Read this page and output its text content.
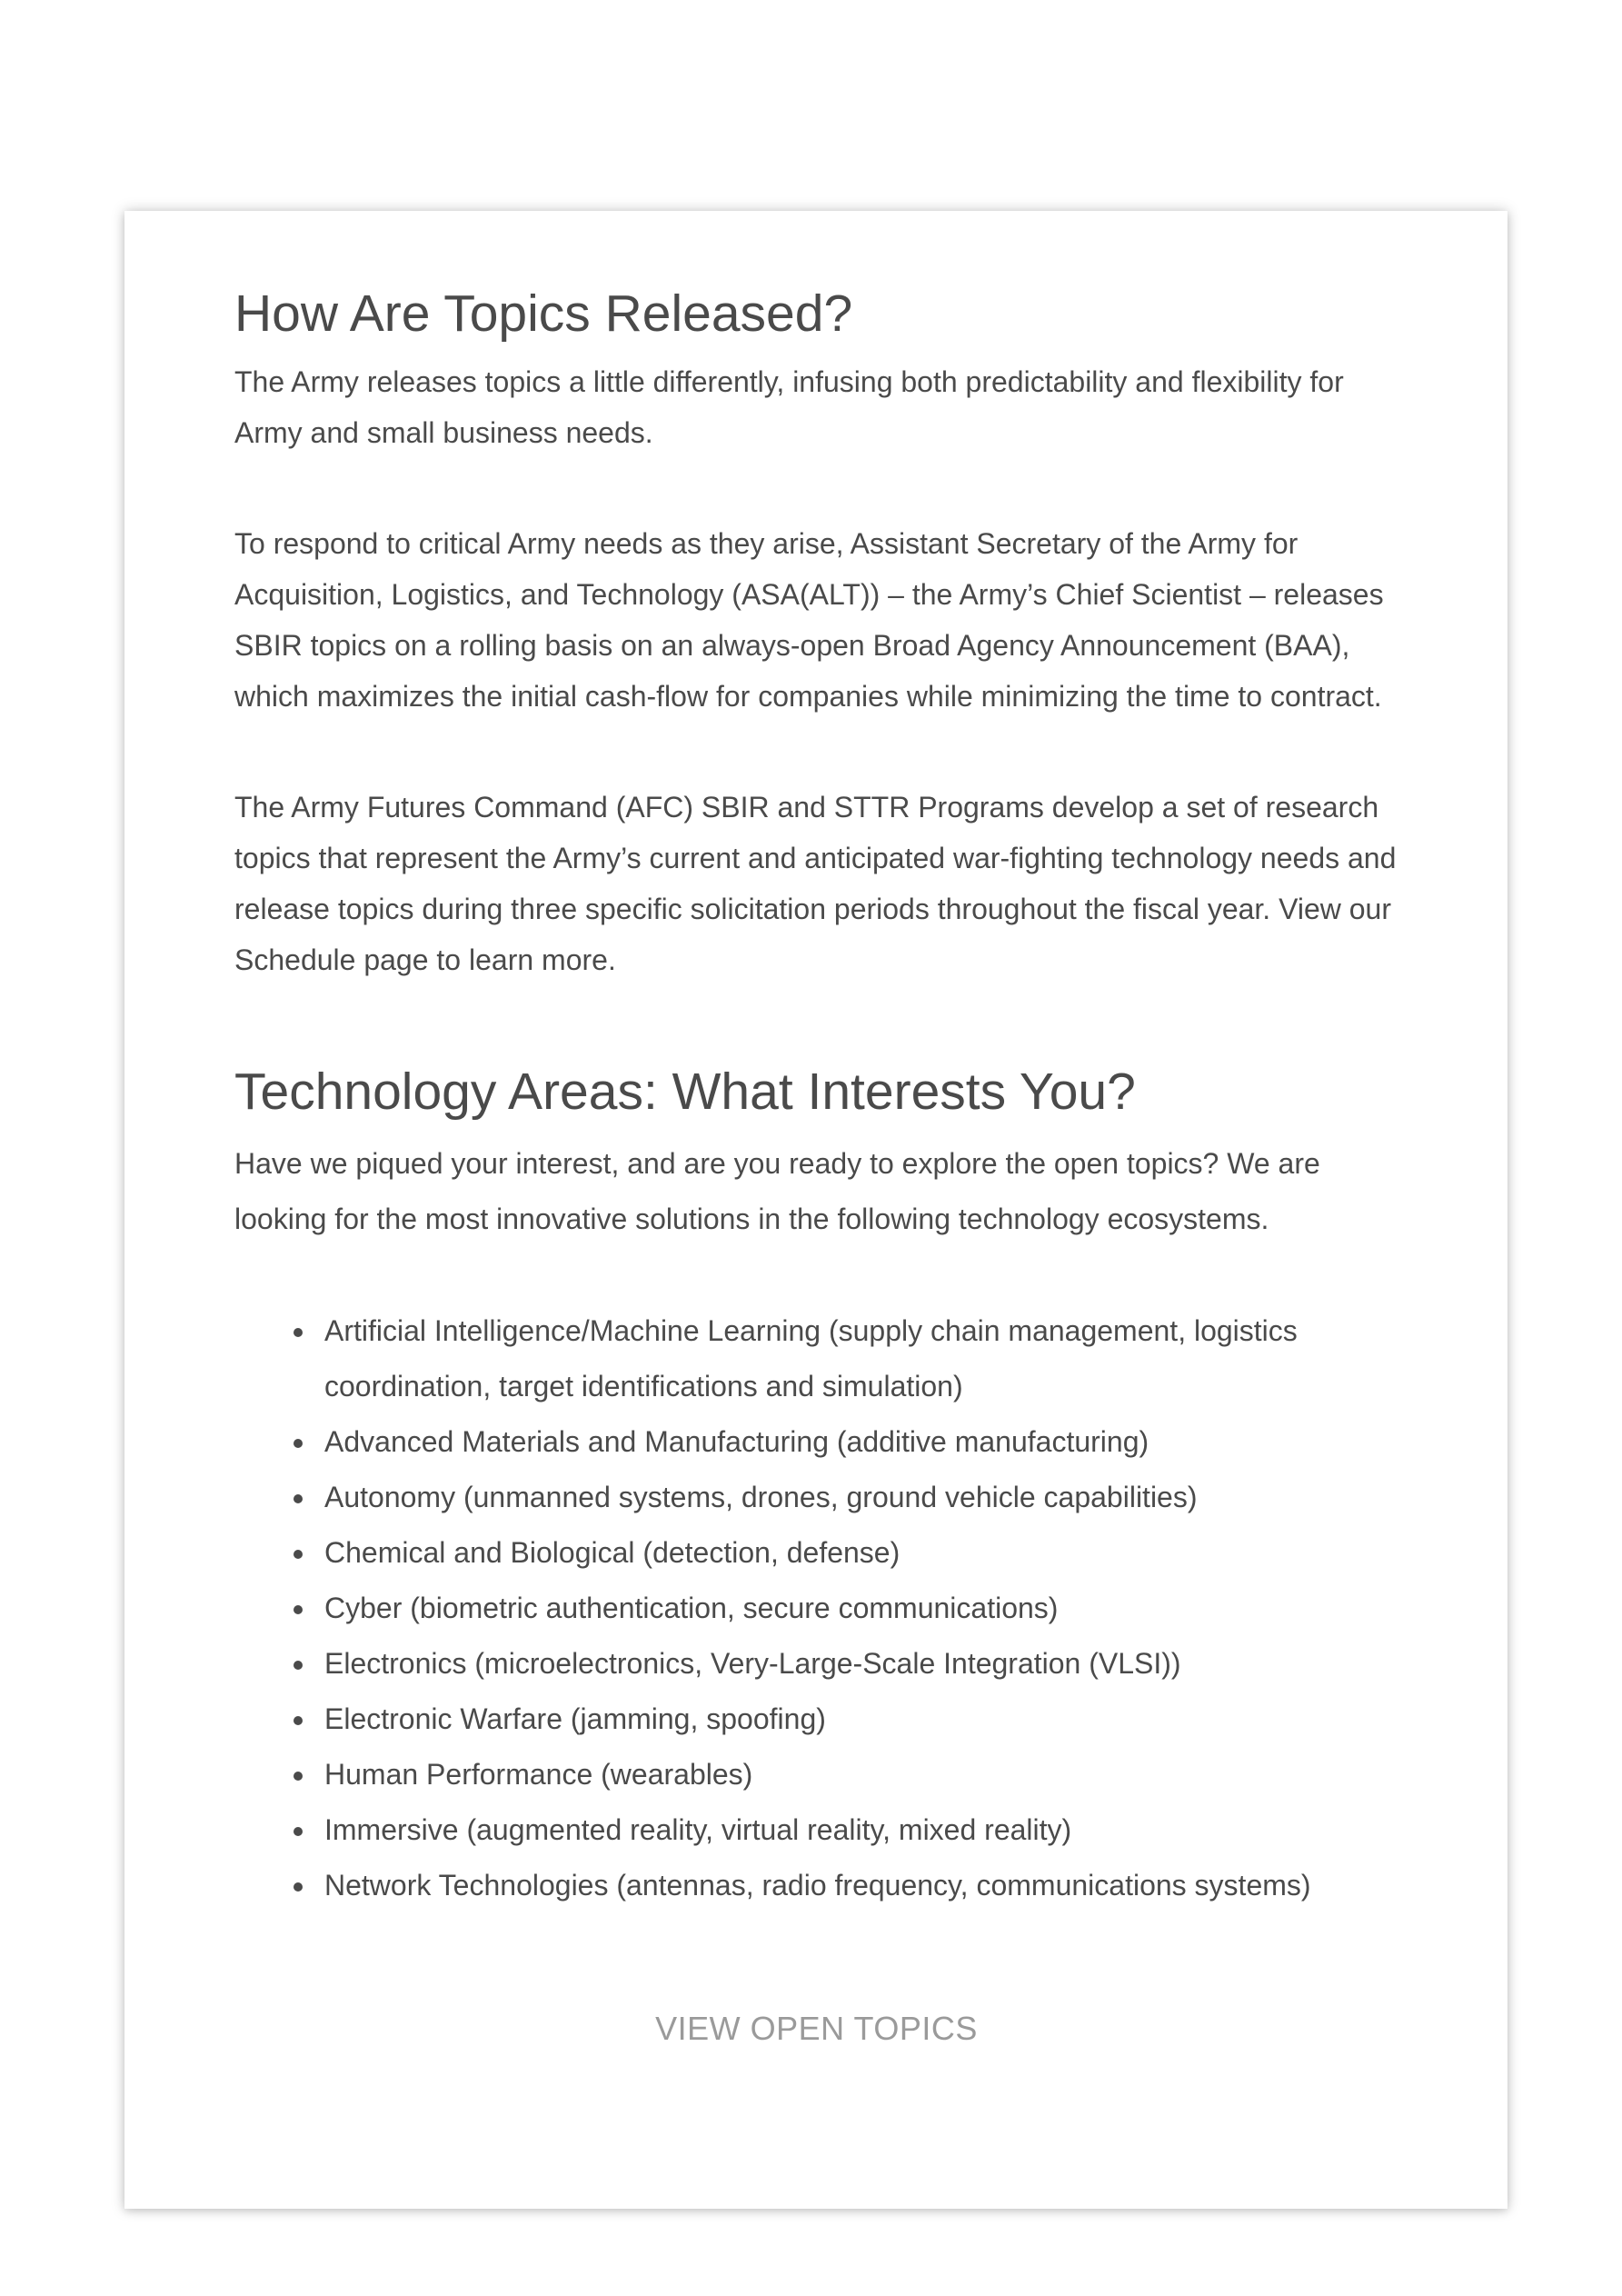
How Are Topics Released?

The Army releases topics a little differently, infusing both predictability and flexibility for Army and small business needs.

To respond to critical Army needs as they arise, Assistant Secretary of the Army for Acquisition, Logistics, and Technology (ASA(ALT)) – the Army’s Chief Scientist – releases SBIR topics on a rolling basis on an always-open Broad Agency Announcement (BAA), which maximizes the initial cash-flow for companies while minimizing the time to contract.

The Army Futures Command (AFC) SBIR and STTR Programs develop a set of research topics that represent the Army’s current and anticipated war-fighting technology needs and release topics during three specific solicitation periods throughout the fiscal year. View our Schedule page to learn more.

Technology Areas: What Interests You?

Have we piqued your interest, and are you ready to explore the open topics? We are looking for the most innovative solutions in the following technology ecosystems.

Artificial Intelligence/Machine Learning (supply chain management, logistics coordination, target identifications and simulation)
Advanced Materials and Manufacturing (additive manufacturing)
Autonomy (unmanned systems, drones, ground vehicle capabilities)
Chemical and Biological (detection, defense)
Cyber (biometric authentication, secure communications)
Electronics (microelectronics, Very-Large-Scale Integration (VLSI))
Electronic Warfare (jamming, spoofing)
Human Performance (wearables)
Immersive (augmented reality, virtual reality, mixed reality)
Network Technologies (antennas, radio frequency, communications systems)
VIEW OPEN TOPICS
